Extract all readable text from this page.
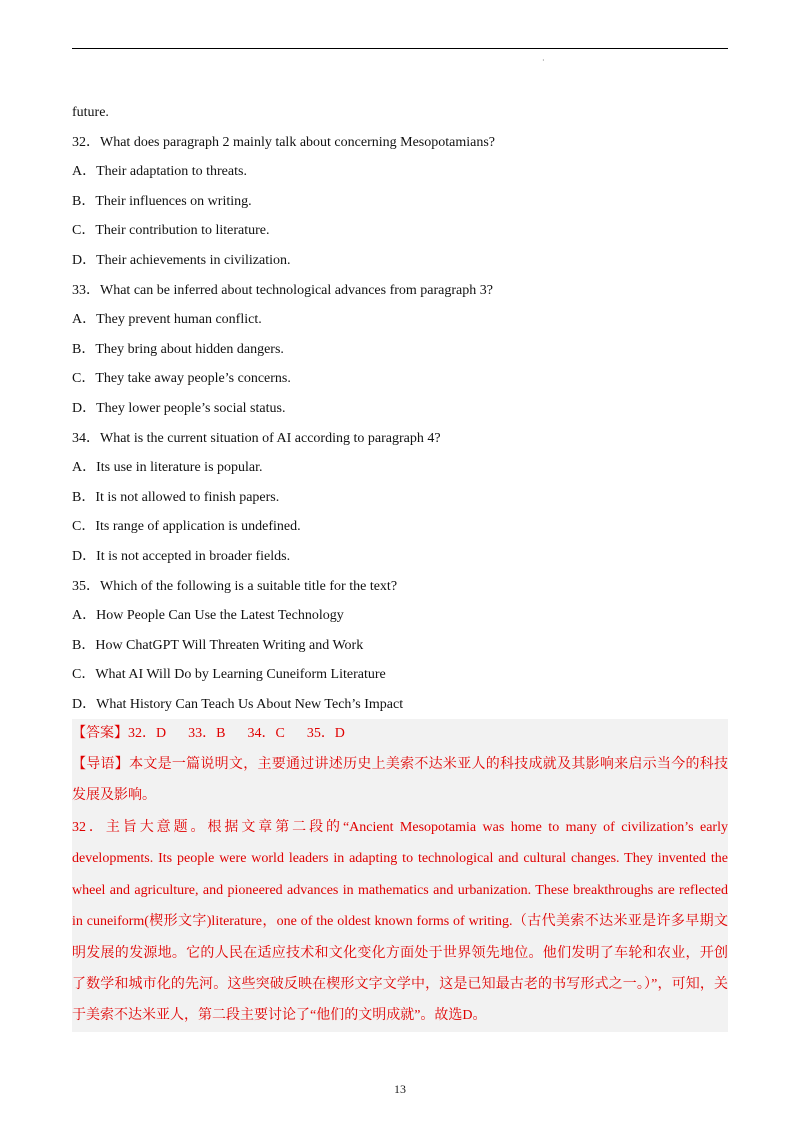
·
future.
32．What does paragraph 2 mainly talk about concerning Mesopotamians?
A．Their adaptation to threats.
B．Their influences on writing.
C．Their contribution to literature.
D．Their achievements in civilization.
33．What can be inferred about technological advances from paragraph 3?
A．They prevent human conflict.
B．They bring about hidden dangers.
C．They take away people’s concerns.
D．They lower people’s social status.
34．What is the current situation of AI according to paragraph 4?
A．Its use in literature is popular.
B．It is not allowed to finish papers.
C．Its range of application is undefined.
D．It is not accepted in broader fields.
35．Which of the following is a suitable title for the text?
A．How People Can Use the Latest Technology
B．How ChatGPT Will Threaten Writing and Work
C．What AI Will Do by Learning Cuneiform Literature
D．What History Can Teach Us About New Tech’s Impact
【答案】32．D 33．B 34．C 35．D
【导语】本文是一篇说明文，主要通过讲述历史上美索不达米亚人的科技成就及其影响来启示当今的科技发展及影响。
32．主旨大意题。根据文章第二段的“Ancient Mesopotamia was home to many of civilization’s early developments. Its people were world leaders in adapting to technological and cultural changes. They invented the wheel and agriculture, and pioneered advances in mathematics and urbanization. These breakthroughs are reflected in cuneiform(楔形文字)literature，one of the oldest known forms of writing.（古代美索不达米亚是许多早期文明发展的发源地。它的人民在适应技术和文化变化方面处于世界领先地位。他们发明了车轮和农业，开创了数学和城市化的先河。这些突破反映在楔形文字文学中，这是已知最古老的书写形式之一。）”，可知，关于美索不达米亚人，第二段主要讨论了“他们的文明成就”。故选D。
13
